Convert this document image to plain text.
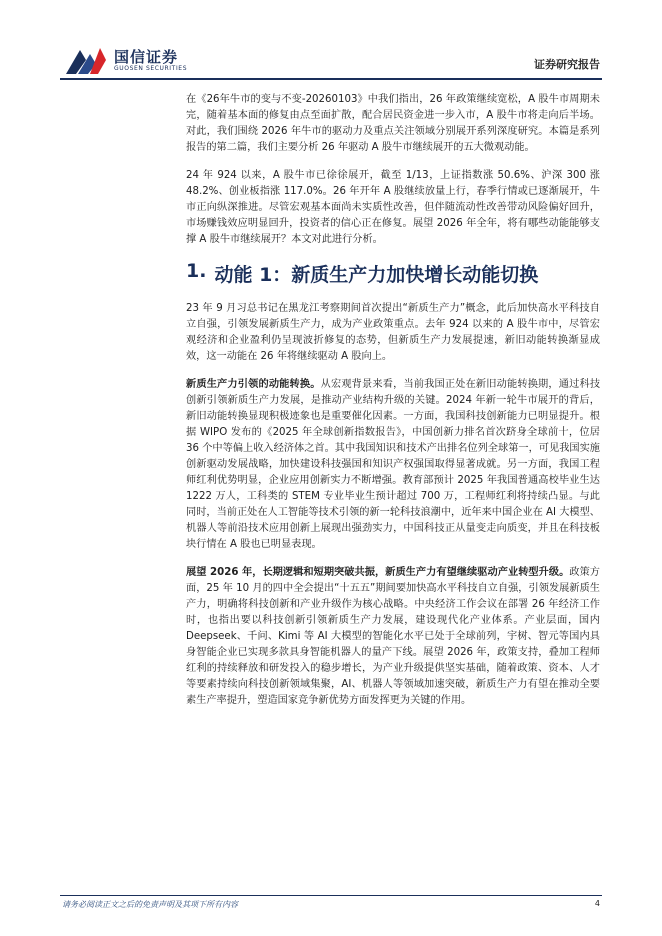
国信证券
GUOSEN SECURITIES	证券研究报告

在《26年牛市的变与不变-20260103》中我们指出，26 年政策继续宽松，A 股牛市周期未完，随着基本面的修复由点至面扩散，配合居民资金进一步入市，A 股牛市将走向后半场。对此，我们围绕 2026 年牛市的驱动力及重点关注领域分别展开系列深度研究。本篇是系列报告的第二篇，我们主要分析 26 年驱动 A 股牛市继续展开的五大微观动能。

24 年 924 以来，A 股牛市已徐徐展开，截至 1/13，上证指数涨 50.6%、沪深 300 涨 48.2%、创业板指涨 117.0%。26 年开年 A 股继续放量上行，春季行情或已逐渐展开，牛市正向纵深推进。尽管宏观基本面尚未实质性改善，但伴随流动性改善带动风险偏好回升，市场赚钱效应明显回升，投资者的信心正在修复。展望 2026 年全年，将有哪些动能能够支撑 A 股牛市继续展开？本文对此进行分析。

1. 动能 1：新质生产力加快增长动能切换

23 年 9 月习总书记在黑龙江考察期间首次提出“新质生产力”概念，此后加快高水平科技自立自强，引领发展新质生产力，成为产业政策重点。去年 924 以来的 A 股牛市中，尽管宏观经济和企业盈利仍呈现波折修复的态势，但新质生产力发展提速，新旧动能转换渐显成效，这一动能在 26 年将继续驱动 A 股向上。

新质生产力引领的动能转换。从宏观背景来看，当前我国正处在新旧动能转换期，通过科技创新引领新质生产力发展，是推动产业结构升级的关键。2024 年新一轮牛市展开的背后，新旧动能转换显现积极迹象也是重要催化因素。一方面，我国科技创新能力已明显提升。根据 WIPO 发布的《2025 年全球创新指数报告》，中国创新力排名首次跻身全球前十，位居 36 个中等偏上收入经济体之首。其中我国知识和技术产出排名位列全球第一，可见我国实施创新驱动发展战略，加快建设科技强国和知识产权强国取得显著成就。另一方面，我国工程师红利优势明显，企业应用创新实力不断增强。教育部预计 2025 年我国普通高校毕业生达 1222 万人，工科类的 STEM 专业毕业生预计超过 700 万，工程师红利将持续凸显。与此同时，当前正处在人工智能等技术引领的新一轮科技浪潮中，近年来中国企业在 AI 大模型、机器人等前沿技术应用创新上展现出强劲实力，中国科技正从量变走向质变，并且在科技板块行情在 A 股也已明显表现。

展望 2026 年，长期逻辑和短期突破共振，新质生产力有望继续驱动产业转型升级。政策方面，25 年 10 月的四中全会提出“十五五”期间要加快高水平科技自立自强，引领发展新质生产力，明确将科技创新和产业升级作为核心战略。中央经济工作会议在部署 26 年经济工作时，也指出要以科技创新引领新质生产力发展，建设现代化产业体系。产业层面，国内 Deepseek、千问、Kimi 等 AI 大模型的智能化水平已处于全球前列，宇树、智元等国内具身智能企业已实现多款具身智能机器人的量产下线。展望 2026 年，政策支持，叠加工程师红利的持续释放和研发投入的稳步增长，为产业升级提供坚实基础，随着政策、资本、人才等要素持续向科技创新领域集聚，AI、机器人等领域加速突破，新质生产力有望在推动全要素生产率提升，塑造国家竞争新优势方面发挥更为关键的作用。

请务必阅读正文之后的免责声明及其项下所有内容	4
